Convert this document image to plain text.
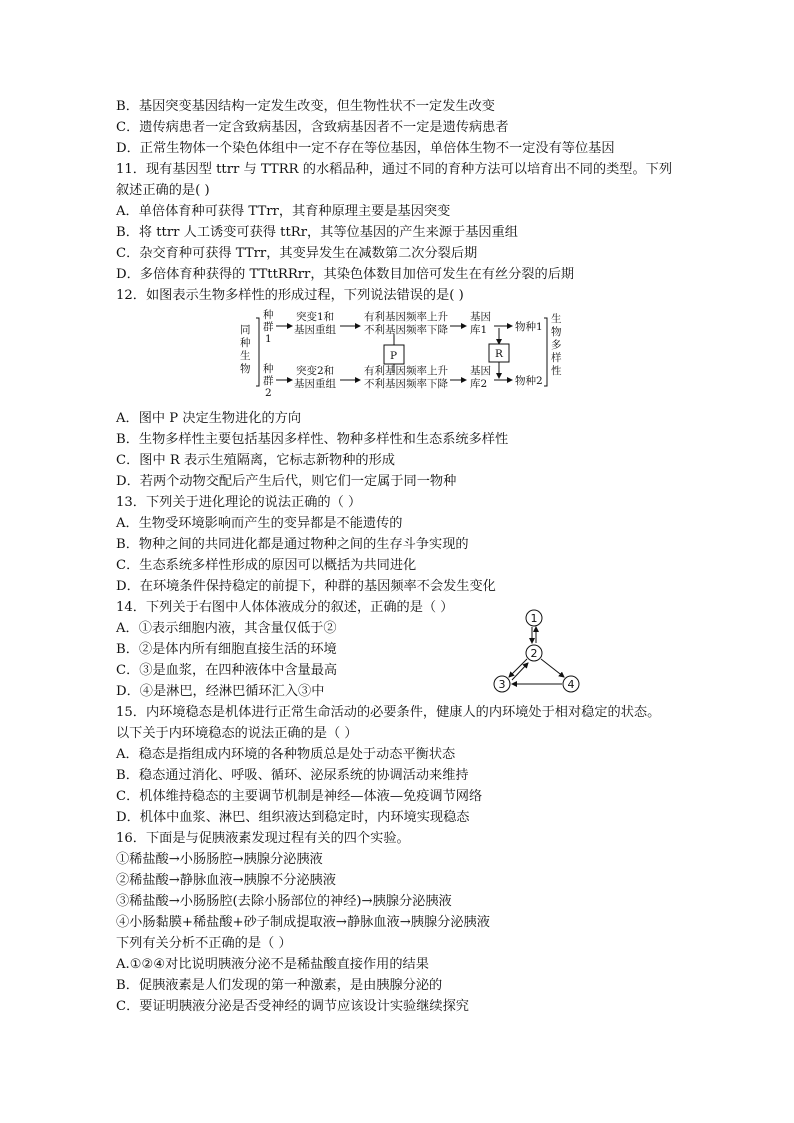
B．基因突变基因结构一定发生改变，但生物性状不一定发生改变
C．遗传病患者一定含致病基因，含致病基因者不一定是遗传病患者
D．正常生物体一个染色体组中一定不存在等位基因，单倍体生物不一定没有等位基因
11．现有基因型 ttrr 与 TTRR 的水稻品种，通过不同的育种方法可以培育出不同的类型。下列
叙述正确的是( )
A．单倍体育种可获得 TTrr，其育种原理主要是基因突变
B．将 ttrr 人工诱变可获得 ttRr，其等位基因的产生来源于基因重组
C．杂交育种可获得 TTrr，其变异发生在减数第二次分裂后期
D．多倍体育种获得的 TTttRRrr，其染色体数目加倍可发生在有丝分裂的后期
12．如图表示生物多样性的形成过程，下列说法错误的是( )
A．图中 P 决定生物进化的方向
B．生物多样性主要包括基因多样性、物种多样性和生态系统多样性
C．图中 R 表示生殖隔离，它标志新物种的形成
D．若两个动物交配后产生后代，则它们一定属于同一物种
13．下列关于进化理论的说法正确的（ ）
A．生物受环境影响而产生的变异都是不能遗传的
B．物种之间的共同进化都是通过物种之间的生存斗争实现的
C．生态系统多样性形成的原因可以概括为共同进化
D．在环境条件保持稳定的前提下，种群的基因频率不会发生变化
14．下列关于右图中人体体液成分的叙述，正确的是（ ）
A．①表示细胞内液，其含量仅低于②
B．②是体内所有细胞直接生活的环境
C．③是血浆，在四种液体中含量最高
D．④是淋巴，经淋巴循环汇入③中
15．内环境稳态是机体进行正常生命活动的必要条件，健康人的内环境处于相对稳定的状态。
以下关于内环境稳态的说法正确的是（ ）
A．稳态是指组成内环境的各种物质总是处于动态平衡状态
B．稳态通过消化、呼吸、循环、泌尿系统的协调活动来维持
C．机体维持稳态的主要调节机制是神经—体液—免疫调节网络
D．机体中血浆、淋巴、组织液达到稳定时，内环境实现稳态
16．下面是与促胰液素发现过程有关的四个实验。
①稀盐酸→小肠肠腔→胰腺分泌胰液
②稀盐酸→静脉血液→胰腺不分泌胰液
③稀盐酸→小肠肠腔(去除小肠部位的神经)→胰腺分泌胰液
④小肠黏膜+稀盐酸+砂子制成提取液→静脉血液→胰腺分泌胰液
下列有关分析不正确的是（ ）
A.①②④对比说明胰液分泌不是稀盐酸直接作用的结果
B．促胰液素是人们发现的第一种激素，是由胰腺分泌的
C．要证明胰液分泌是否受神经的调节应该设计实验继续探究
同
种
生
物
种
群
1
种
群
2
突变1和
基因重组
有利基因频率上升
不利基因频率下降
基因
库1	物种1
突变2和
基因重组
有利基因频率上升
不利基因频率下降
基因
库2	物种2
P	R
生
物
多
样
性
1
2
3	4
